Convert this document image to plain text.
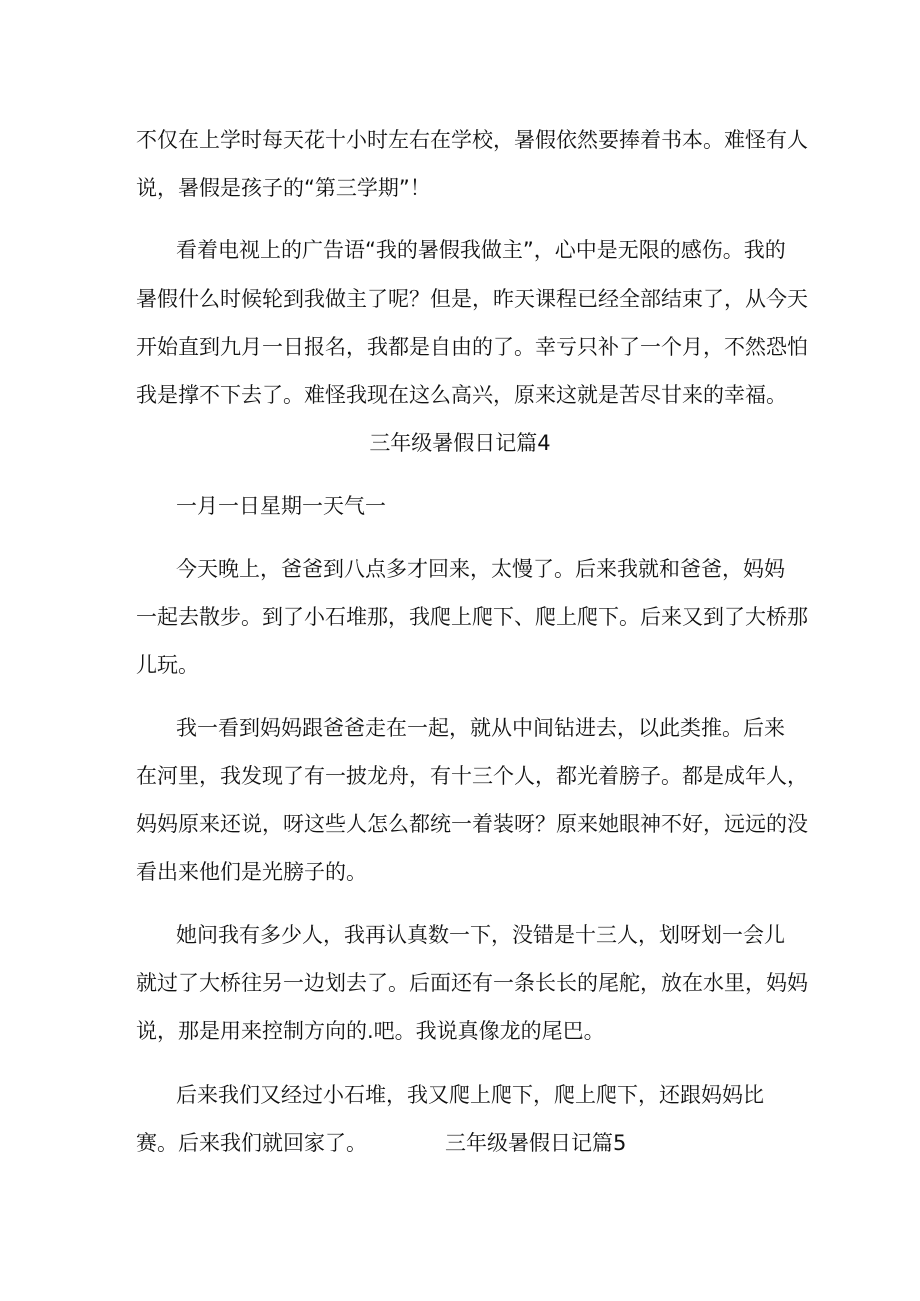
不仅在上学时每天花十小时左右在学校，暑假依然要捧着书本。难怪有人
说，暑假是孩子的“第三学期”！
看着电视上的广告语“我的暑假我做主”，心中是无限的感伤。我的
暑假什么时候轮到我做主了呢？但是，昨天课程已经全部结束了，从今天
开始直到九月一日报名，我都是自由的了。幸亏只补了一个月，不然恐怕
我是撑不下去了。难怪我现在这么高兴，原来这就是苦尽甘来的幸福。
三年级暑假日记篇4
一月一日星期一天气一
今天晚上，爸爸到八点多才回来，太慢了。后来我就和爸爸，妈妈
一起去散步。到了小石堆那，我爬上爬下、爬上爬下。后来又到了大桥那
儿玩。
我一看到妈妈跟爸爸走在一起，就从中间钻进去，以此类推。后来
在河里，我发现了有一披龙舟，有十三个人，都光着膀子。都是成年人，
妈妈原来还说，呀这些人怎么都统一着装呀？原来她眼神不好，远远的没
看出来他们是光膀子的。
她问我有多少人，我再认真数一下，没错是十三人，划呀划一会儿
就过了大桥往另一边划去了。后面还有一条长长的尾舵，放在水里，妈妈
说，那是用来控制方向的.吧。我说真像龙的尾巴。
后来我们又经过小石堆，我又爬上爬下，爬上爬下，还跟妈妈比
赛。后来我们就回家了。	三年级暑假日记篇5
